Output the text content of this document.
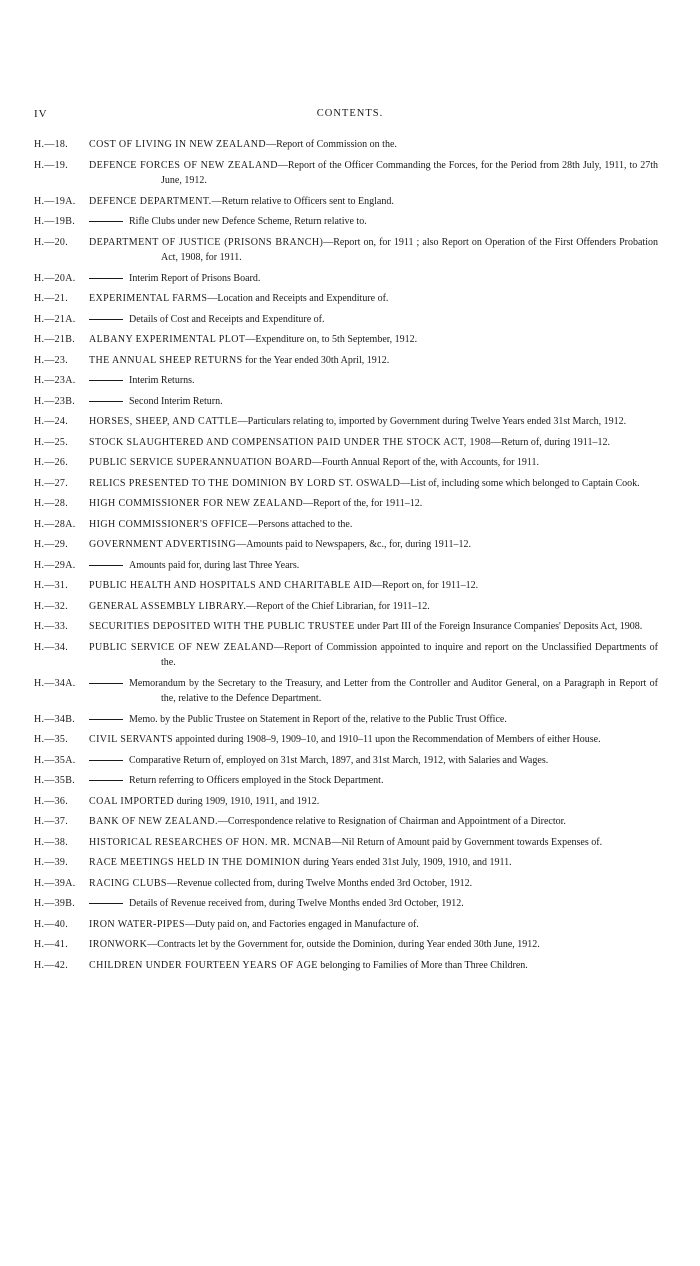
IV	CONTENTS.
H.—18. COST OF LIVING IN NEW ZEALAND—Report of Commission on the.
H.—19. DEFENCE FORCES OF NEW ZEALAND—Report of the Officer Commanding the Forces, for the Period from 28th July, 1911, to 27th June, 1912.
H.—19A. DEFENCE DEPARTMENT.—Return relative to Officers sent to England.
H.—19B.	Rifle Clubs under new Defence Scheme, Return relative to.
H.—20. DEPARTMENT OF JUSTICE (PRISONS BRANCH)—Report on, for 1911 ; also Report on Operation of the First Offenders Probation Act, 1908, for 1911.
H.—20A.	Interim Report of Prisons Board.
H.—21. EXPERIMENTAL FARMS—Location and Receipts and Expenditure of.
H.—21A.	Details of Cost and Receipts and Expenditure of.
H.—21B. ALBANY EXPERIMENTAL PLOT—Expenditure on, to 5th September, 1912.
H.—23. THE ANNUAL SHEEP RETURNS for the Year ended 30th April, 1912.
H.—23A.	Interim Returns.
H.—23B.	Second Interim Return.
H.—24. HORSES, SHEEP, AND CATTLE—Particulars relating to, imported by Government during Twelve Years ended 31st March, 1912.
H.—25. STOCK SLAUGHTERED AND COMPENSATION PAID UNDER THE STOCK ACT, 1908—Return of, during 1911–12.
H.—26. PUBLIC SERVICE SUPERANNUATION BOARD—Fourth Annual Report of the, with Accounts, for 1911.
H.—27. RELICS PRESENTED TO THE DOMINION BY LORD ST. OSWALD—List of, including some which belonged to Captain Cook.
H.—28. HIGH COMMISSIONER FOR NEW ZEALAND—Report of the, for 1911–12.
H.—28A. HIGH COMMISSIONER'S OFFICE—Persons attached to the.
H.—29. GOVERNMENT ADVERTISING—Amounts paid to Newspapers, &c., for, during 1911–12.
H.—29A.	Amounts paid for, during last Three Years.
H.—31. PUBLIC HEALTH AND HOSPITALS AND CHARITABLE AID—Report on, for 1911–12.
H.—32. GENERAL ASSEMBLY LIBRARY.—Report of the Chief Librarian, for 1911–12.
H.—33. SECURITIES DEPOSITED WITH THE PUBLIC TRUSTEE under Part III of the Foreign Insurance Companies' Deposits Act, 1908.
H.—34. PUBLIC SERVICE OF NEW ZEALAND—Report of Commission appointed to inquire and report on the Unclassified Departments of the.
H.—34A.	Memorandum by the Secretary to the Treasury, and Letter from the Controller and Auditor General, on a Paragraph in Report of the, relative to the Defence Department.
H.—34B.	Memo. by the Public Trustee on Statement in Report of the, relative to the Public Trust Office.
H.—35. CIVIL SERVANTS appointed during 1908–9, 1909–10, and 1910–11 upon the Recommendation of Members of either House.
H.—35A.	Comparative Return of, employed on 31st March, 1897, and 31st March, 1912, with Salaries and Wages.
H.—35B.	Return referring to Officers employed in the Stock Department.
H.—36. COAL IMPORTED during 1909, 1910, 1911, and 1912.
H.—37. BANK OF NEW ZEALAND.—Correspondence relative to Resignation of Chairman and Appointment of a Director.
H.—38. HISTORICAL RESEARCHES OF HON. MR. MCNAB—Nil Return of Amount paid by Government towards Expenses of.
H.—39. RACE MEETINGS HELD IN THE DOMINION during Years ended 31st July, 1909, 1910, and 1911.
H.—39A. RACING CLUBS—Revenue collected from, during Twelve Months ended 3rd October, 1912.
H.—39B.	Details of Revenue received from, during Twelve Months ended 3rd October, 1912.
H.—40. IRON WATER-PIPES—Duty paid on, and Factories engaged in Manufacture of.
H.—41. IRONWORK—Contracts let by the Government for, outside the Dominion, during Year ended 30th June, 1912.
H.—42. CHILDREN UNDER FOURTEEN YEARS OF AGE belonging to Families of More than Three Children.
